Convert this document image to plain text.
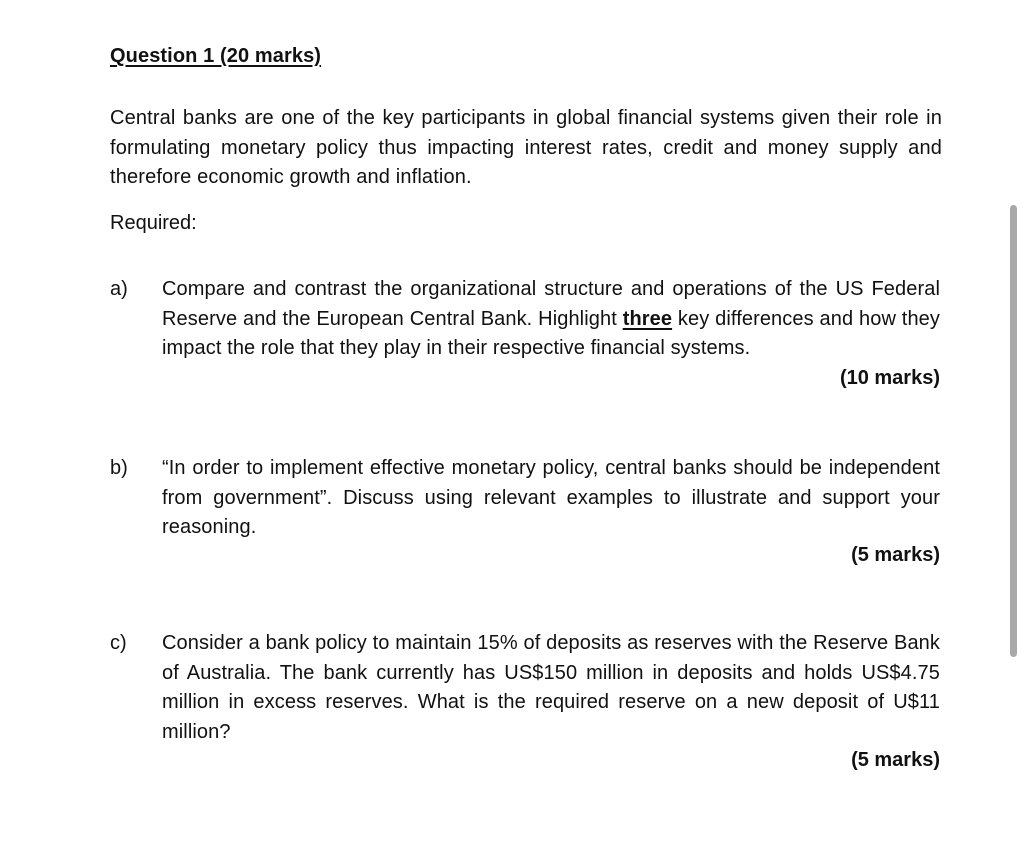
Question 1 (20 marks)
Central banks are one of the key participants in global financial systems given their role in formulating monetary policy thus impacting interest rates, credit and money supply and therefore economic growth and inflation.
Required:
a) Compare and contrast the organizational structure and operations of the US Federal Reserve and the European Central Bank. Highlight three key differences and how they impact the role that they play in their respective financial systems.
(10 marks)
b) “In order to implement effective monetary policy, central banks should be independent from government”. Discuss using relevant examples to illustrate and support your reasoning.
(5 marks)
c) Consider a bank policy to maintain 15% of deposits as reserves with the Reserve Bank of Australia. The bank currently has US$150 million in deposits and holds US$4.75 million in excess reserves. What is the required reserve on a new deposit of U$11 million?
(5 marks)
